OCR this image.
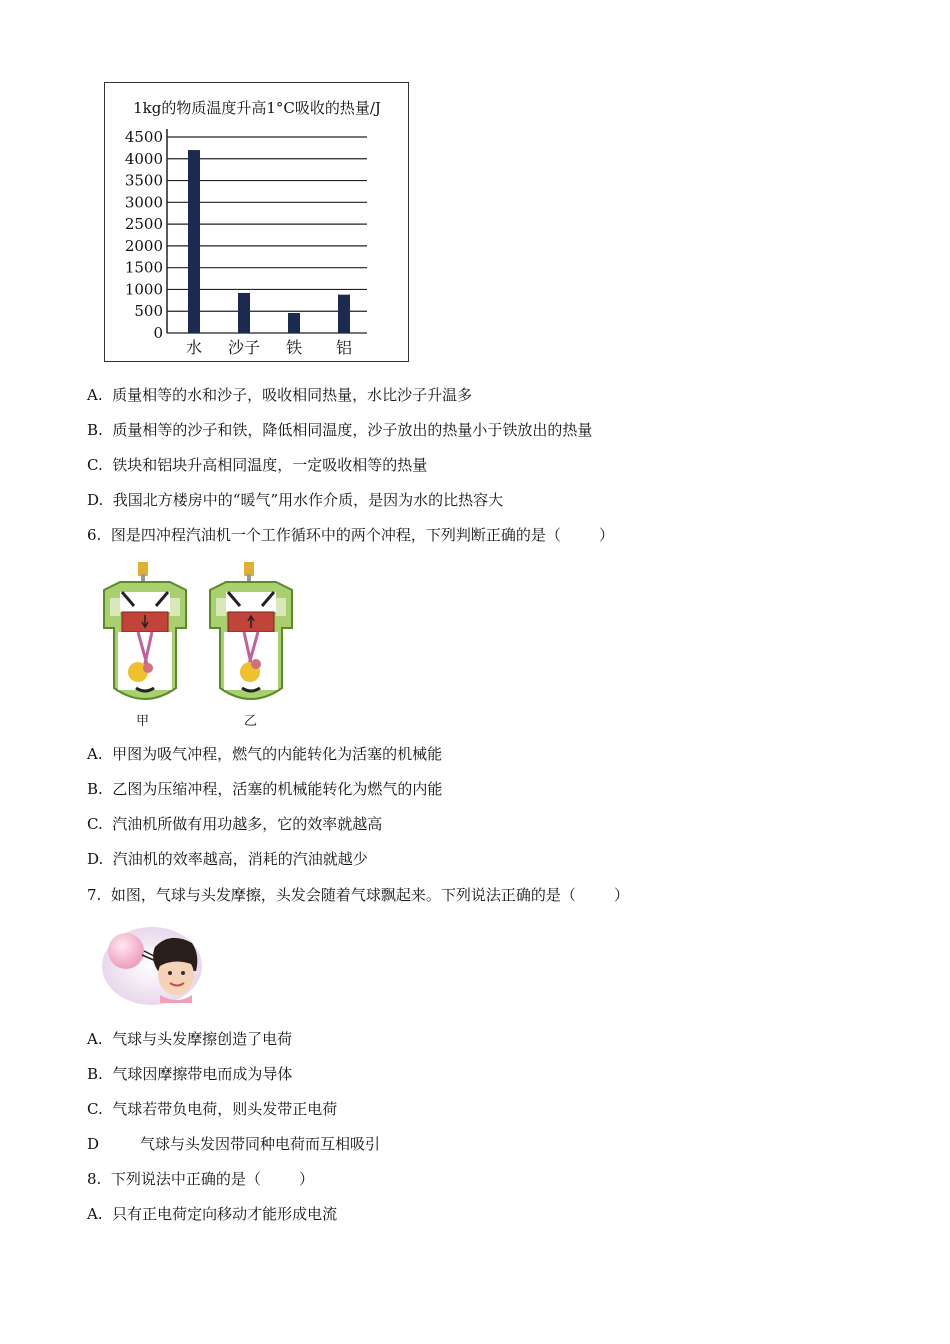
1kg的物质温度升高1°C吸收的热量/J
0
500
1000
1500
2000
2500
3000
3500
4000
4500
水 沙子 铁 铝
A.  质量相等的水和沙子，吸收相同热量，水比沙子升温多
B.  质量相等的沙子和铁，降低相同温度，沙子放出的热量小于铁放出的热量
C.  铁块和铝块升高相同温度，一定吸收相等的热量
D.  我国北方楼房中的“暖气”用水作介质，是因为水的比热容大
6.  图是四冲程汽油机一个工作循环中的两个冲程，下列判断正确的是（        ）
甲	乙
A.  甲图为吸气冲程，燃气的内能转化为活塞的机械能
B.  乙图为压缩冲程，活塞的机械能转化为燃气的内能
C.  汽油机所做有用功越多，它的效率就越高
D.  汽油机的效率越高，消耗的汽油就越少
7.  如图，气球与头发摩擦，头发会随着气球飘起来。下列说法正确的是（        ）
A.  气球与头发摩擦创造了电荷
B.  气球因摩擦带电而成为导体
C.  气球若带负电荷，则头发带正电荷
D	气球与头发因带同种电荷而互相吸引
8.  下列说法中正确的是（        ）
A.  只有正电荷定向移动才能形成电流
